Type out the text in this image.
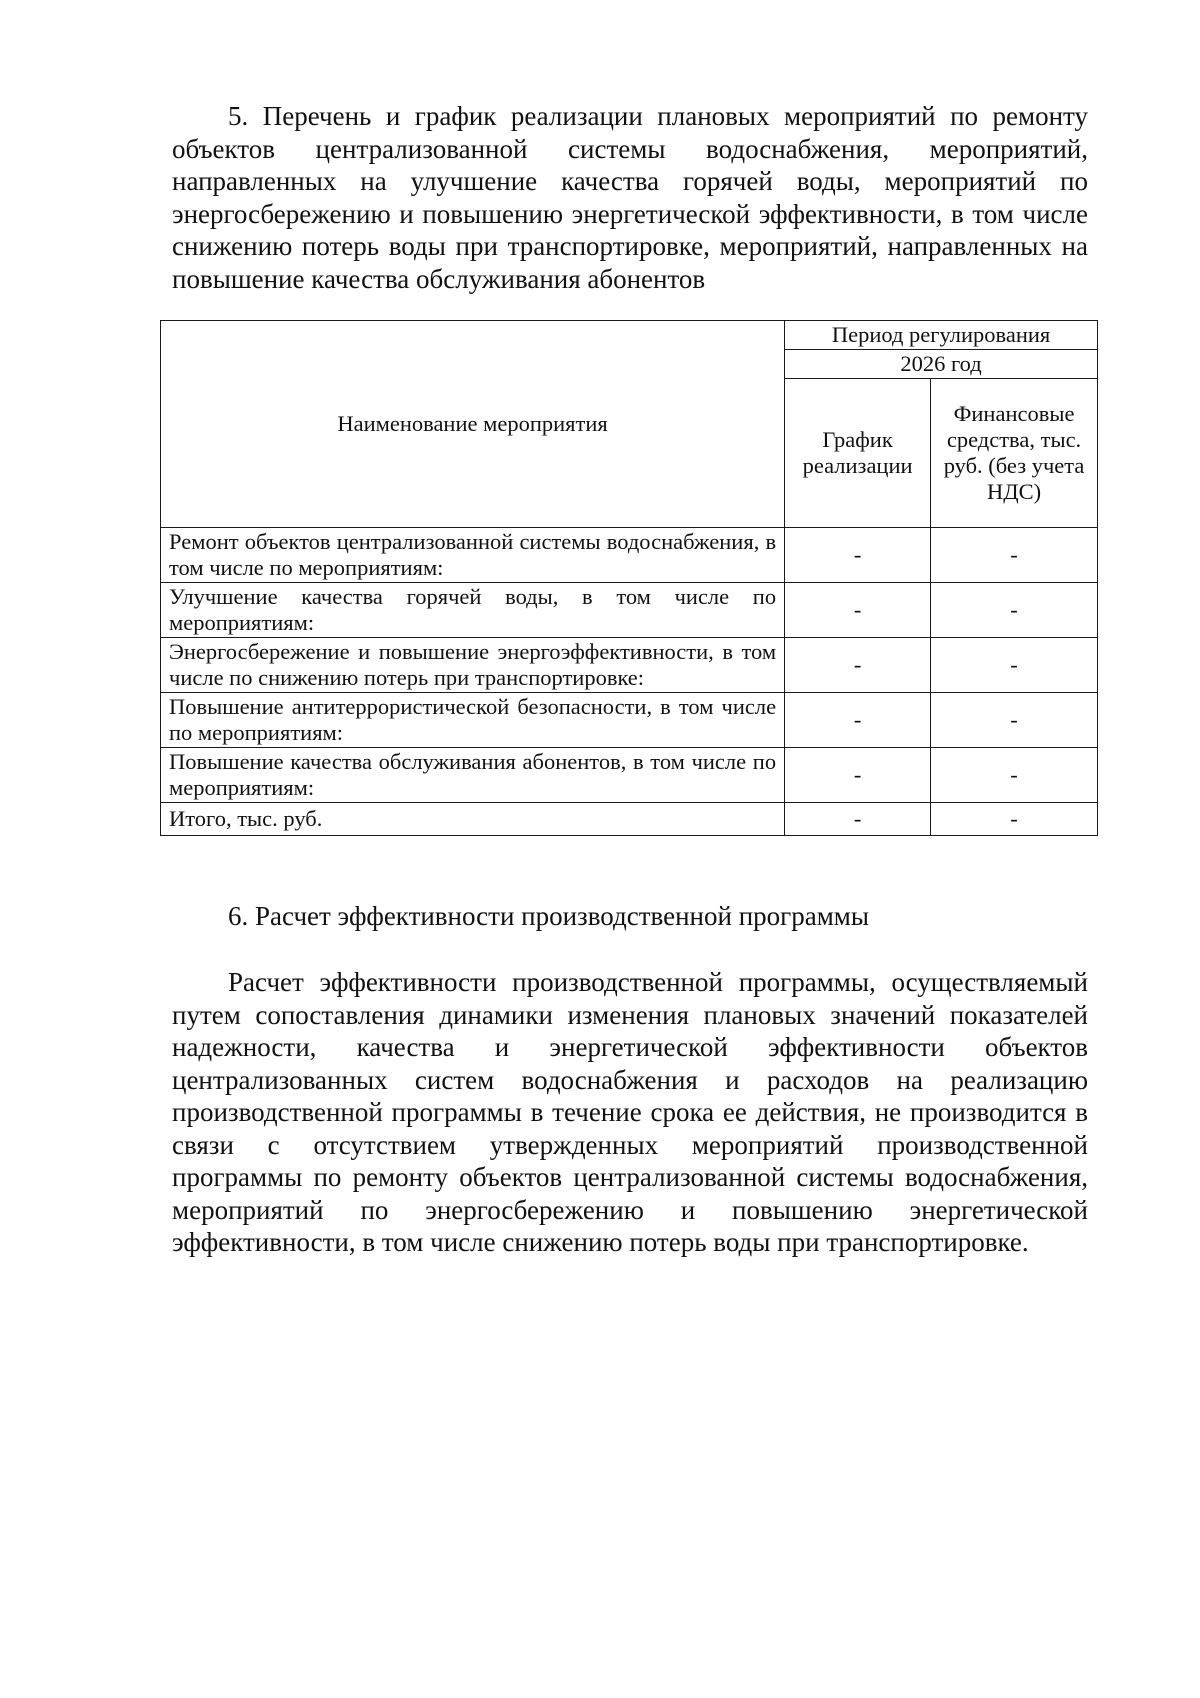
5. Перечень и график реализации плановых мероприятий по ремонту объектов централизованной системы водоснабжения, мероприятий, направленных на улучшение качества горячей воды, мероприятий по энергосбережению и повышению энергетической эффективности, в том числе снижению потерь воды при транспортировке, мероприятий, направленных на повышение качества обслуживания абонентов

Наименование мероприятия	Период регулирования	
	2026 год	
	График реализации	Финансовые средства, тыс. руб. (без учета НДС)
Ремонт объектов централизованной системы водоснабжения, в том числе по мероприятиям:	-	-
Улучшение качества горячей воды, в том числе по мероприятиям:	-	-
Энергосбережение и повышение энергоэффективности, в том числе по снижению потерь при транспортировке:	-	-
Повышение антитеррористической безопасности, в том числе по мероприятиям:	-	-
Повышение качества обслуживания абонентов, в том числе по мероприятиям:	-	-
Итого, тыс. руб.	-	-

6. Расчет эффективности производственной программы

Расчет эффективности производственной программы, осуществляемый путем сопоставления динамики изменения плановых значений показателей надежности, качества и энергетической эффективности объектов централизованных систем водоснабжения и расходов на реализацию производственной программы в течение срока ее действия, не производится в связи с отсутствием утвержденных мероприятий производственной программы по ремонту объектов централизованной системы водоснабжения, мероприятий по энергосбережению и повышению энергетической эффективности, в том числе снижению потерь воды при транспортировке.
